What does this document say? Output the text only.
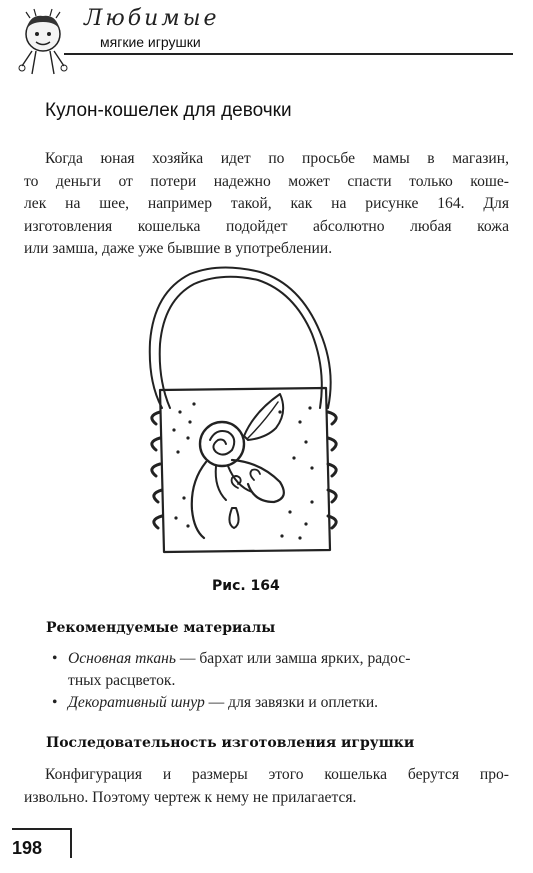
Любимые
мягкие игрушки
Кулон-кошелек для девочки

Когда юная хозяйка идет по просьбе мамы в магазин,
то деньги от потери надежно может спасти только коше-
лек на шее, например такой, как на рисунке 164. Для
изготовления кошелька подойдет абсолютно любая кожа
или замша, даже уже бывшие в употреблении.

Рис. 164
Рекомендуемые материалы
• Основная ткань — бархат или замша ярких, радос-
тных расцветок.
• Декоративный шнур — для завязки и оплетки.
Последовательность изготовления игрушки

Конфигурация и размеры этого кошелька берутся про-
извольно. Поэтому чертеж к нему не прилагается.

198
